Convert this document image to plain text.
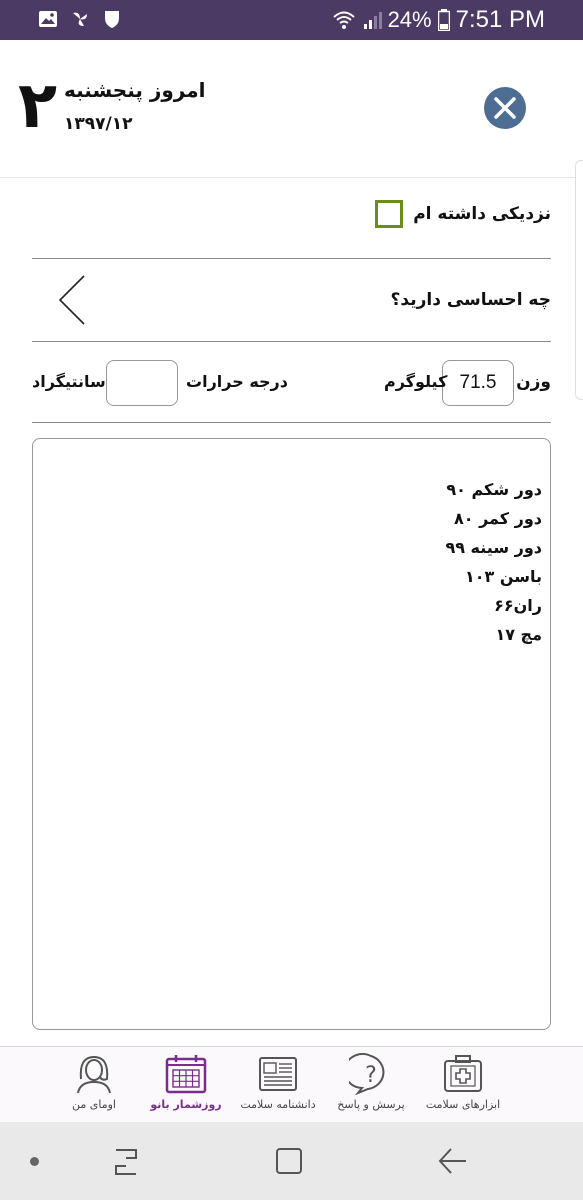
24% 7:51 PM
۲ امروز پنجشنبه
۱۳۹۷/۱۲
نزدیکی داشته ام
چه احساسی دارید؟
وزن
71.5
کیلوگرم
درجه حرارات
سانتیگراد
دور شکم ۹۰
دور کمر ۸۰
دور سینه ۹۹
باسن ۱۰۳
ران۶۶
مچ ۱۷
ابزارهای سلامت
?
پرسش و پاسخ
دانشنامه سلامت
روزشمار بانو
اومای من
